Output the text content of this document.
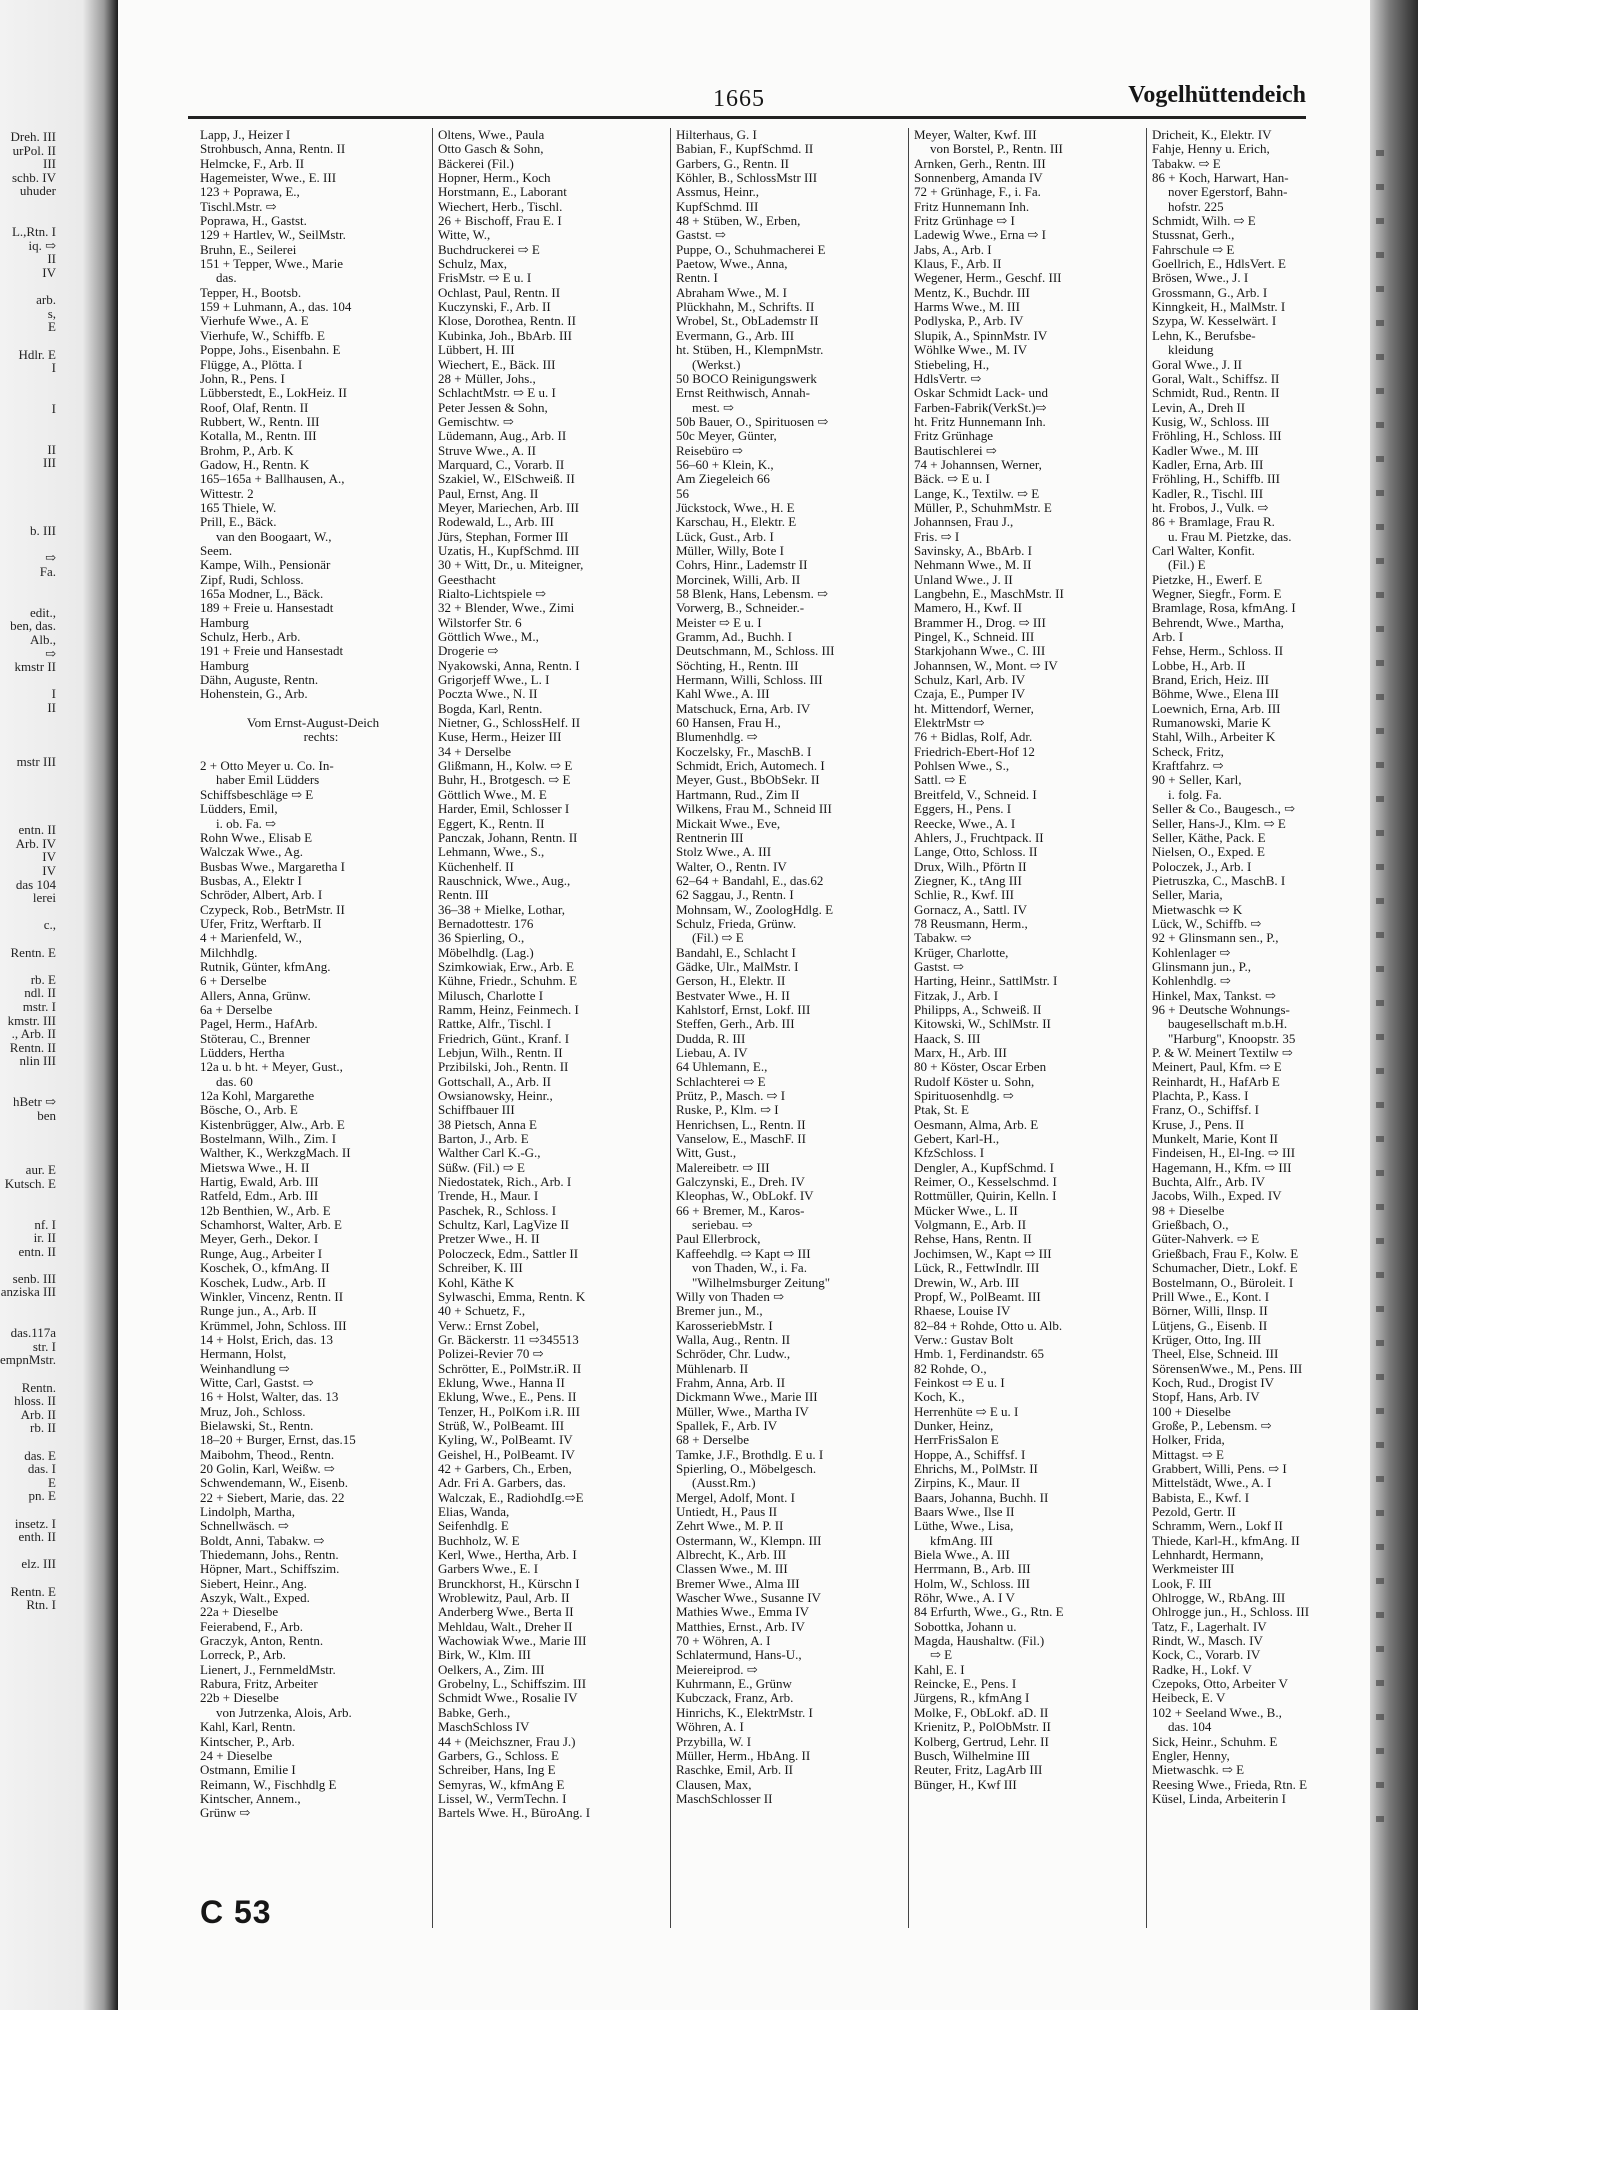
Dreh. III
urPol. II
III
schb. IV
uhuder

L.,Rtn. I
iq. ⇨
II
IV

arb.
s,
E

Hdlr. E
I

I

II
III

b. III

⇨
Fa.

edit.,
ben, das.
Alb.,
⇨
kmstr II

I
II

mstr III

entn. II
Arb. IV
IV
IV
das 104
lerei

c.,

Rentn. E

rb. E
ndl. II
mstr. I
kmstr. III
., Arb. II
Rentn. II
nlin III

hBetr ⇨
ben

aur. E
Kutsch. E

nf. I
ir. II
entn. II

senb. III
anziska III

das.117a
str. I
empnMstr.

Rentn.
hloss. II
Arb. II
rb. II

das. E
das. I
E
pn. E

insetz. I
enth. II

elz. III

Rentn. E
Rtn. I
1665	Vogelhüttendeich
Lapp, J., Heizer I
Strohbusch, Anna, Rentn. II
Helmcke, F., Arb. II
Hagemeister, Wwe., E. III
123 + Poprawa, E.,
Tischl.Mstr. ⇨
Poprawa, H., Gastst.
129 + Hartlev, W., SeilMstr.
Bruhn, E., Seilerei
151 + Tepper, Wwe., Marie
das.
Tepper, H., Bootsb.
159 + Luhmann, A., das. 104
Vierhufe Wwe., A. E
Vierhufe, W., Schiffb. E
Poppe, Johs., Eisenbahn. E
Flügge, A., Plötta. I
John, R., Pens. I
Lübberstedt, E., LokHeiz. II
Roof, Olaf, Rentn. II
Rubbert, W., Rentn. III
Kotalla, M., Rentn. III
Brohm, P., Arb. K
Gadow, H., Rentn. K
165–165a + Ballhausen, A.,
Wittestr. 2
165 Thiele, W.
Prill, E., Bäck.
van den Boogaart, W.,
Seem.
Kampe, Wilh., Pensionär
Zipf, Rudi, Schloss.
165a Modner, L., Bäck.
189 + Freie u. Hansestadt
Hamburg
Schulz, Herb., Arb.
191 + Freie und Hansestadt
Hamburg
Dähn, Auguste, Rentn.
Hohenstein, G., Arb.

Vom Ernst-August-Deich
rechts:

2 + Otto Meyer u. Co. In-
haber Emil Lüdders
Schiffsbeschläge ⇨ E
Lüdders, Emil,
i. ob. Fa. ⇨
Rohn Wwe., Elisab E
Walczak Wwe., Ag.
Busbas Wwe., Margaretha I
Busbas, A., Elektr I
Schröder, Albert, Arb. I
Czypeck, Rob., BetrMstr. II
Ufer, Fritz, Werftarb. II
4 + Marienfeld, W.,
Milchhdlg.
Rutnik, Günter, kfmAng.
6 + Derselbe
Allers, Anna, Grünw.
6a + Derselbe
Pagel, Herm., HafArb.
Stöterau, C., Brenner
Lüdders, Hertha
12a u. b ht. + Meyer, Gust.,
das. 60
12a Kohl, Margarethe
Bösche, O., Arb. E
Kistenbrügger, Alw., Arb. E
Bostelmann, Wilh., Zim. I
Walther, K., WerkzgMach. II
Mietswa Wwe., H. II
Hartig, Ewald, Arb. III
Ratfeld, Edm., Arb. III
12b Benthien, W., Arb. E
Schamhorst, Walter, Arb. E
Meyer, Gerh., Dekor. I
Runge, Aug., Arbeiter I
Koschek, O., kfmAng. II
Koschek, Ludw., Arb. II
Winkler, Vincenz, Rentn. II
Runge jun., A., Arb. II
Krümmel, John, Schloss. III
14 + Holst, Erich, das. 13
Hermann, Holst,
Weinhandlung ⇨
Witte, Carl, Gastst. ⇨
16 + Holst, Walter, das. 13
Mruz, Joh., Schloss.
Bielawski, St., Rentn.
18–20 + Burger, Ernst, das.15
Maibohm, Theod., Rentn.
20 Golin, Karl, Weißw. ⇨
Schwendemann, W., Eisenb.
22 + Siebert, Marie, das. 22
Lindolph, Martha,
Schnellwäsch. ⇨
Boldt, Anni, Tabakw. ⇨
Thiedemann, Johs., Rentn.
Höpner, Mart., Schiffszim.
Siebert, Heinr., Ang.
Aszyk, Walt., Exped.
22a + Dieselbe
Feierabend, F., Arb.
Graczyk, Anton, Rentn.
Lorreck, P., Arb.
Lienert, J., FernmeldMstr.
Rabura, Fritz, Arbeiter
22b + Dieselbe
von Jutrzenka, Alois, Arb.
Kahl, Karl, Rentn.
Kintscher, P., Arb.
24 + Dieselbe
Ostmann, Emilie I
Reimann, W., Fischhdlg E
Kintscher, Annem.,
Grünw ⇨
Oltens, Wwe., Paula
Otto Gasch & Sohn,
Bäckerei (Fil.)
Hopner, Herm., Koch
Horstmann, E., Laborant
Wiechert, Herb., Tischl.
26 + Bischoff, Frau E. I
Witte, W.,
Buchdruckerei ⇨ E
Schulz, Max,
FrisMstr. ⇨ E u. I
Ochlast, Paul, Rentn. II
Kuczynski, F., Arb. II
Klose, Dorothea, Rentn. II
Kubinka, Joh., BbArb. III
Lübbert, H. III
Wiechert, E., Bäck. III
28 + Müller, Johs.,
SchlachtMstr. ⇨ E u. I
Peter Jessen & Sohn,
Gemischtw. ⇨
Lüdemann, Aug., Arb. II
Struve Wwe., A. II
Marquard, C., Vorarb. II
Szakiel, W., ElSchweiß. II
Paul, Ernst, Ang. II
Meyer, Mariechen, Arb. III
Rodewald, L., Arb. III
Jürs, Stephan, Former III
Uzatis, H., KupfSchmd. III
30 + Witt, Dr., u. Miteigner,
Geesthacht
Rialto-Lichtspiele ⇨
32 + Blender, Wwe., Zimi
Wilstorfer Str. 6
Göttlich Wwe., M.,
Drogerie ⇨
Nyakowski, Anna, Rentn. I
Grigorjeff Wwe., L. I
Poczta Wwe., N. II
Bogda, Karl, Rentn.
Nietner, G., SchlossHelf. II
Kuse, Herm., Heizer III
34 + Derselbe
Glißmann, H., Kolw. ⇨ E
Buhr, H., Brotgesch. ⇨ E
Göttlich Wwe., M. E
Harder, Emil, Schlosser I
Eggert, K., Rentn. II
Panczak, Johann, Rentn. II
Lehmann, Wwe., S.,
Küchenhelf. II
Rauschnick, Wwe., Aug.,
Rentn. III
36–38 + Mielke, Lothar,
Bernadottestr. 176
36 Spierling, O.,
Möbelhdlg. (Lag.)
Szimkowiak, Erw., Arb. E
Kühne, Friedr., Schuhm. E
Milusch, Charlotte I
Ramm, Heinz, Feinmech. I
Rattke, Alfr., Tischl. I
Friedrich, Günt., Kranf. I
Lebjun, Wilh., Rentn. II
Przibilski, Joh., Rentn. II
Gottschall, A., Arb. II
Owsianowsky, Heinr.,
Schiffbauer III
38 Pietsch, Anna E
Barton, J., Arb. E
Walther Carl K.-G.,
Süßw. (Fil.) ⇨ E
Niedostatek, Rich., Arb. I
Trende, H., Maur. I
Paschek, R., Schloss. I
Schultz, Karl, LagVize II
Pretzer Wwe., H. II
Poloczeck, Edm., Sattler II
Schreiber, K. III
Kohl, Käthe K
Sylwaschi, Emma, Rentn. K
40 + Schuetz, F.,
Verw.: Ernst Zobel,
Gr. Bäckerstr. 11 ⇨345513
Polizei-Revier 70 ⇨
Schrötter, E., PolMstr.iR. II
Eklung, Wwe., Hanna II
Eklung, Wwe., E., Pens. II
Tenzer, H., PolKom i.R. III
Strüß, W., PolBeamt. III
Kyling, W., PolBeamt. IV
Geishel, H., PolBeamt. IV
42 + Garbers, Ch., Erben,
Adr. Fri A. Garbers, das.
Walczak, E., RadiohdIg.⇨E
Elias, Wanda,
Seifenhdlg. E
Buchholz, W. E
Kerl, Wwe., Hertha, Arb. I
Garbers Wwe., E. I
Brunckhorst, H., Kürschn I
Wroblewitz, Paul, Arb. II
Anderberg Wwe., Berta II
Mehldau, Walt., Dreher II
Wachowiak Wwe., Marie III
Birk, W., Klm. III
Oelkers, A., Zim. III
Grobelny, L., Schiffszim. III
Schmidt Wwe., Rosalie IV
Babke, Gerh.,
MaschSchloss IV
44 + (Meichszner, Frau J.)
Garbers, G., Schloss. E
Schreiber, Hans, Ing E
Semyras, W., kfmAng E
Lissel, W., VermTechn. I
Bartels Wwe. H., BüroAng. I
Hilterhaus, G. I
Babian, F., KupfSchmd. II
Garbers, G., Rentn. II
Köhler, B., SchlossMstr III
Assmus, Heinr.,
KupfSchmd. III
48 + Stüben, W., Erben,
Gastst. ⇨
Puppe, O., Schuhmacherei E
Paetow, Wwe., Anna,
Rentn. I
Abraham Wwe., M. I
Plückhahn, M., Schrifts. II
Wrobel, St., ObLademstr II
Evermann, G., Arb. III
ht. Stüben, H., KlempnMstr.
(Werkst.)
50 BOCO Reinigungswerk
Ernst Reithwisch, Annah-
mest. ⇨
50b Bauer, O., Spirituosen ⇨
50c Meyer, Günter,
Reisebüro ⇨
56–60 + Klein, K.,
Am Ziegeleich 66
56
Jückstock, Wwe., H. E
Karschau, H., Elektr. E
Lück, Gust., Arb. I
Müller, Willy, Bote I
Cohrs, Hinr., Lademstr II
Morcinek, Willi, Arb. II
58 Blenk, Hans, Lebensm. ⇨
Vorwerg, B., Schneider.-
Meister ⇨ E u. I
Gramm, Ad., Buchh. I
Deutschmann, M., Schloss. III
Söchting, H., Rentn. III
Hermann, Willi, Schloss. III
Kahl Wwe., A. III
Matschuck, Erna, Arb. IV
60 Hansen, Frau H.,
Blumenhdlg. ⇨
Koczelsky, Fr., MaschB. I
Schmidt, Erich, Automech. I
Meyer, Gust., BbObSekr. II
Hartmann, Rud., Zim II
Wilkens, Frau M., Schneid III
Mickait Wwe., Eve,
Rentnerin III
Stolz Wwe., A. III
Walter, O., Rentn. IV
62–64 + Bandahl, E., das.62
62 Saggau, J., Rentn. I
Mohnsam, W., ZoologHdlg. E
Schulz, Frieda, Grünw.
(Fil.) ⇨ E
Bandahl, E., Schlacht I
Gädke, Ulr., MalMstr. I
Gerson, H., Elektr. II
Bestvater Wwe., H. II
Kahlstorf, Ernst, Lokf. III
Steffen, Gerh., Arb. III
Dudda, R. III
Liebau, A. IV
64 Uhlemann, E.,
Schlachterei ⇨ E
Prütz, P., Masch. ⇨ I
Ruske, P., Klm. ⇨ I
Henrichsen, L., Rentn. II
Vanselow, E., MaschF. II
Witt, Gust.,
Malereibetr. ⇨ III
Galczynski, E., Dreh. IV
Kleophas, W., ObLokf. IV
66 + Bremer, M., Karos-
seriebau. ⇨
Paul Ellerbrock,
Kaffeehdlg. ⇨ Kapt ⇨ III
von Thaden, W., i. Fa.
"Wilhelmsburger Zeitung"
Willy von Thaden ⇨
Bremer jun., M.,
KarosseriebMstr. I
Walla, Aug., Rentn. II
Schröder, Chr. Ludw.,
Mühlenarb. II
Frahm, Anna, Arb. II
Dickmann Wwe., Marie III
Müller, Wwe., Martha IV
Spallek, F., Arb. IV
68 + Derselbe
Tamke, J.F., Brothdlg. E u. I
Spierling, O., Möbelgesch.
(Ausst.Rm.)
Mergel, Adolf, Mont. I
Untiedt, H., Paus II
Zehrt Wwe., M. P. II
Ostermann, W., Klempn. III
Albrecht, K., Arb. III
Classen Wwe., M. III
Bremer Wwe., Alma III
Wascher Wwe., Susanne IV
Mathies Wwe., Emma IV
Matthies, Ernst., Arb. IV
70 + Wöhren, A. I
Schlatermund, Hans-U.,
Meiereiprod. ⇨
Kuhrmann, E., Grünw
Kubczack, Franz, Arb.
Hinrichs, K., ElektrMstr. I
Wöhren, A. I
Przybilla, W. I
Müller, Herm., HbAng. II
Raschke, Emil, Arb. II
Clausen, Max,
MaschSchlosser II
Meyer, Walter, Kwf. III
von Borstel, P., Rentn. III
Arnken, Gerh., Rentn. III
Sonnenberg, Amanda IV
72 + Grünhage, F., i. Fa.
Fritz Hunnemann Inh.
Fritz Grünhage ⇨ I
Ladewig Wwe., Erna ⇨ I
Jabs, A., Arb. I
Klaus, F., Arb. II
Wegener, Herm., Geschf. III
Mentz, K., Buchdr. III
Harms Wwe., M. III
Podlyska, P., Arb. IV
Slupik, A., SpinnMstr. IV
Wöhlke Wwe., M. IV
Stiebeling, H.,
HdlsVertr. ⇨
Oskar Schmidt Lack- und
Farben-Fabrik(VerkSt.)⇨
ht. Fritz Hunnemann Inh.
Fritz Grünhage
Bautischlerei ⇨
74 + Johannsen, Werner,
Bäck. ⇨ E u. I
Lange, K., Textilw. ⇨ E
Müller, P., SchuhmMstr. E
Johannsen, Frau J.,
Fris. ⇨ I
Savinsky, A., BbArb. I
Nehmann Wwe., M. II
Unland Wwe., J. II
Langbehn, E., MaschMstr. II
Mamero, H., Kwf. II
Brammer H., Drog. ⇨ III
Pingel, K., Schneid. III
Starkjohann Wwe., C. III
Johannsen, W., Mont. ⇨ IV
Schulz, Karl, Arb. IV
Czaja, E., Pumper IV
ht. Mittendorf, Werner,
ElektrMstr ⇨
76 + Bidlas, Rolf, Adr.
Friedrich-Ebert-Hof 12
Pohlsen Wwe., S.,
Sattl. ⇨ E
Breitfeld, V., Schneid. I
Eggers, H., Pens. I
Reecke, Wwe., A. I
Ahlers, J., Fruchtpack. II
Lange, Otto, Schloss. II
Drux, Wilh., Pförtn II
Ziegner, K., tAng III
Schlie, R., Kwf. III
Gornacz, A., Sattl. IV
78 Reusmann, Herm.,
Tabakw. ⇨
Krüger, Charlotte,
Gastst. ⇨
Harting, Heinr., SattlMstr. I
Fitzak, J., Arb. I
Philipps, A., Schweiß. II
Kitowski, W., SchlMstr. II
Haack, S. III
Marx, H., Arb. III
80 + Köster, Oscar Erben
Rudolf Köster u. Sohn,
Spirituosenhdlg. ⇨
Ptak, St. E
Oesmann, Alma, Arb. E
Gebert, Karl-H.,
KfzSchloss. I
Dengler, A., KupfSchmd. I
Reimer, O., Kesselschmd. I
Rottmüller, Quirin, Kelln. I
Mücker Wwe., L. II
Volgmann, E., Arb. II
Rehse, Hans, Rentn. II
Jochimsen, W., Kapt ⇨ III
Lück, R., FettwIndlr. III
Drewin, W., Arb. III
Propf, W., PolBeamt. III
Rhaese, Louise IV
82–84 + Rohde, Otto u. Alb.
Verw.: Gustav Bolt
Hmb. 1, Ferdinandstr. 65
82 Rohde, O.,
Feinkost ⇨ E u. I
Koch, K.,
Herrenhüte ⇨ E u. I
Dunker, Heinz,
HerrFrisSalon E
Hoppe, A., Schiffsf. I
Ehrichs, M., PolMstr. II
Zirpins, K., Maur. II
Baars, Johanna, Buchh. II
Baars Wwe., Ilse II
Lüthe, Wwe., Lisa,
kfmAng. III
Biela Wwe., A. III
Herrmann, B., Arb. III
Holm, W., Schloss. III
Röhr, Wwe., A. I V
84 Erfurth, Wwe., G., Rtn. E
Sobottka, Johann u.
Magda, Haushaltw. (Fil.)
⇨ E
Kahl, E. I
Reincke, E., Pens. I
Jürgens, R., kfmAng I
Molke, F., ObLokf. aD. II
Krienitz, P., PolObMstr. II
Kolberg, Gertrud, Lehr. II
Busch, Wilhelmine III
Reuter, Fritz, LagArb III
Bünger, H., Kwf III
Dricheit, K., Elektr. IV
Fahje, Henny u. Erich,
Tabakw. ⇨ E
86 + Koch, Harwart, Han-
nover Egerstorf, Bahn-
hofstr. 225
Schmidt, Wilh. ⇨ E
Stussnat, Gerh.,
Fahrschule ⇨ E
Goellrich, E., HdlsVert. E
Brösen, Wwe., J. I
Grossmann, G., Arb. I
Kinngkeit, H., MalMstr. I
Szypa, W. Kesselwärt. I
Lehn, K., Berufsbe-
kleidung
Goral Wwe., J. II
Goral, Walt., Schiffsz. II
Schmidt, Rud., Rentn. II
Levin, A., Dreh II
Kusig, W., Schloss. III
Fröhling, H., Schloss. III
Kadler Wwe., M. III
Kadler, Erna, Arb. III
Fröhling, H., Schiffb. III
Kadler, R., Tischl. III
ht. Frobos, J., Vulk. ⇨
86 + Bramlage, Frau R.
u. Frau M. Pietzke, das.
Carl Walter, Konfit.
(Fil.) E
Pietzke, H., Ewerf. E
Wegner, Siegfr., Form. E
Bramlage, Rosa, kfmAng. I
Behrendt, Wwe., Martha,
Arb. I
Fehse, Herm., Schloss. II
Lobbe, H., Arb. II
Brand, Erich, Heiz. III
Böhme, Wwe., Elena III
Loewnich, Erna, Arb. III
Rumanowski, Marie K
Stahl, Wilh., Arbeiter K
Scheck, Fritz,
Kraftfahrz. ⇨
90 + Seller, Karl,
i. folg. Fa.
Seller & Co., Baugesch., ⇨
Seller, Hans-J., Klm. ⇨ E
Seller, Käthe, Pack. E
Nielsen, O., Exped. E
Poloczek, J., Arb. I
Pietruszka, C., MaschB. I
Seller, Maria,
Mietwaschk ⇨ K
Lück, W., Schiffb. ⇨
92 + Glinsmann sen., P.,
Kohlenlager ⇨
Glinsmann jun., P.,
Kohlenhdlg. ⇨
Hinkel, Max, Tankst. ⇨
96 + Deutsche Wohnungs-
baugesellschaft m.b.H.
"Harburg", Knoopstr. 35
P. & W. Meinert Textilw ⇨
Meinert, Paul, Kfm. ⇨ E
Reinhardt, H., HafArb E
Plachta, P., Kass. I
Franz, O., Schiffsf. I
Kruse, J., Pens. II
Munkelt, Marie, Kont II
Findeisen, H., El-Ing. ⇨ III
Hagemann, H., Kfm. ⇨ III
Buchta, Alfr., Arb. IV
Jacobs, Wilh., Exped. IV
98 + Dieselbe
Grießbach, O.,
Güter-Nahverk. ⇨ E
Grießbach, Frau F., Kolw. E
Schumacher, Dietr., Lokf. E
Bostelmann, O., Büroleit. I
Prill Wwe., E., Kont. I
Börner, Willi, Ilnsp. II
Lütjens, G., Eisenb. II
Krüger, Otto, Ing. III
Theel, Else, Schneid. III
SörensenWwe., M., Pens. III
Koch, Rud., Drogist IV
Stopf, Hans, Arb. IV
100 + Dieselbe
Große, P., Lebensm. ⇨
Holker, Frida,
Mittagst. ⇨ E
Grabbert, Willi, Pens. ⇨ I
Mittelstädt, Wwe., A. I
Babista, E., Kwf. I
Pezold, Gertr. II
Schramm, Wern., Lokf II
Thiede, Karl-H., kfmAng. II
Lehnhardt, Hermann,
Werkmeister III
Look, F. III
Ohlrogge, W., RbAng. III
Ohlrogge jun., H., Schloss. III
Tatz, F., Lagerhalt. IV
Rindt, W., Masch. IV
Kock, C., Vorarb. IV
Radke, H., Lokf. V
Czepoks, Otto, Arbeiter V
Heibeck, E. V
102 + Seeland Wwe., B.,
das. 104
Sick, Heinr., Schuhm. E
Engler, Henny,
Mietwaschk. ⇨ E
Reesing Wwe., Frieda, Rtn. E
Küsel, Linda, Arbeiterin I
C 53
